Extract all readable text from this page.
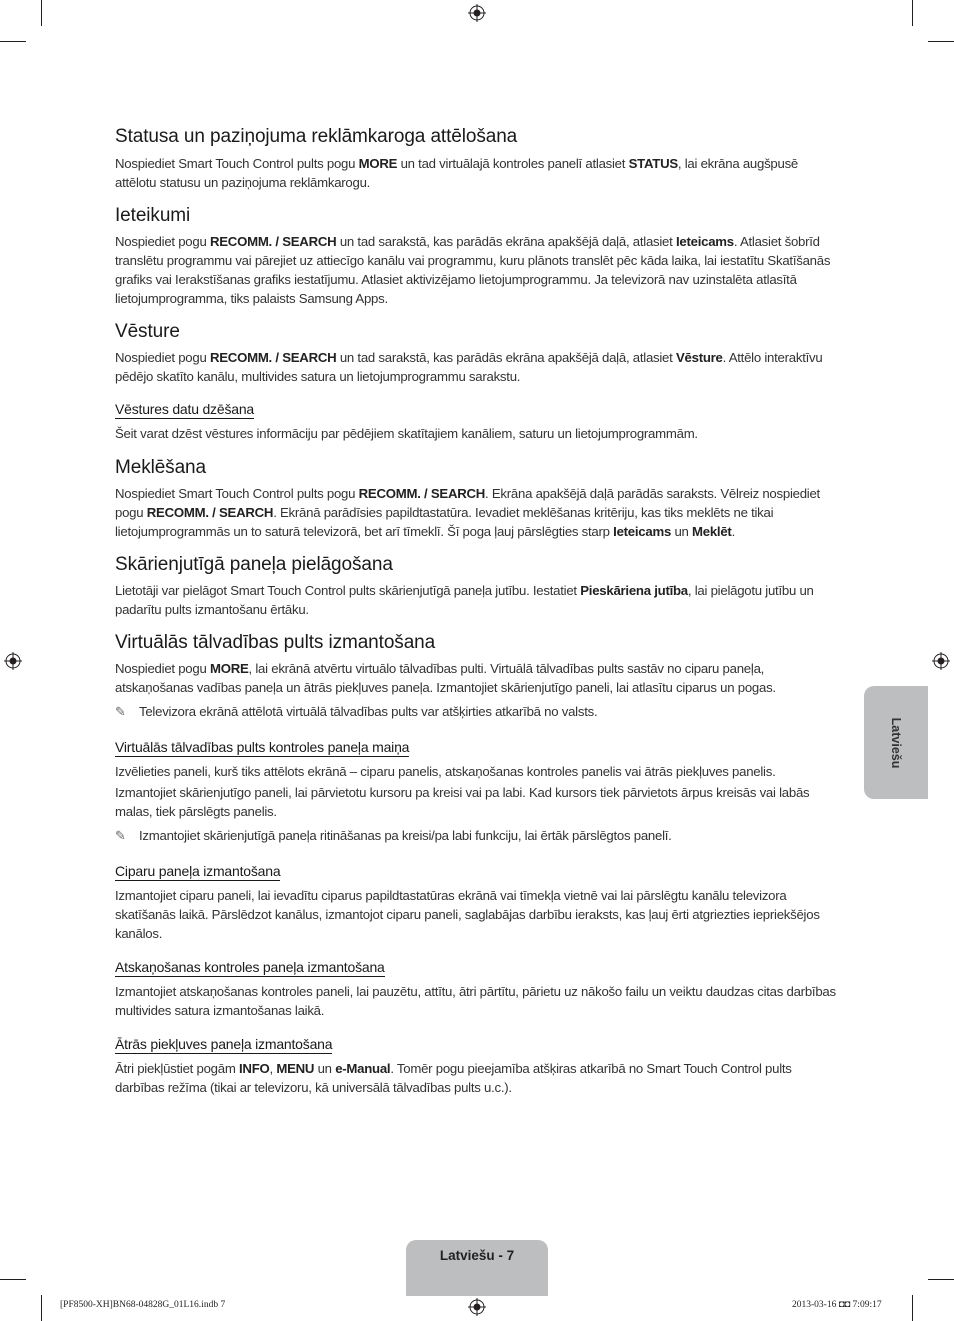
Statusa un paziņojuma reklāmkaroga attēlošana

Nospiediet Smart Touch Control pults pogu MORE un tad virtuālajā kontroles panelī atlasiet STATUS, lai ekrāna augšpusē attēlotu statusu un paziņojuma reklāmkarogu.

Ieteikumi

Nospiediet pogu RECOMM. / SEARCH un tad sarakstā, kas parādās ekrāna apakšējā daļā, atlasiet Ieteicams. Atlasiet šobrīd translētu programmu vai pārejiet uz attiecīgo kanālu vai programmu, kuru plānots translēt pēc kāda laika, lai iestatītu Skatīšanās grafiks vai Ierakstīšanas grafiks iestatījumu. Atlasiet aktivizējamo lietojumprogrammu. Ja televizorā nav uzinstalēta atlasītā lietojumprogramma, tiks palaists Samsung Apps.

Vēsture

Nospiediet pogu RECOMM. / SEARCH un tad sarakstā, kas parādās ekrāna apakšējā daļā, atlasiet Vēsture. Attēlo interaktīvu pēdējo skatīto kanālu, multivides satura un lietojumprogrammu sarakstu.

Vēstures datu dzēšana

Šeit varat dzēst vēstures informāciju par pēdējiem skatītajiem kanāliem, saturu un lietojumprogrammām.

Meklēšana

Nospiediet Smart Touch Control pults pogu RECOMM. / SEARCH. Ekrāna apakšējā daļā parādās saraksts. Vēlreiz nospiediet pogu RECOMM. / SEARCH. Ekrānā parādīsies papildtastatūra. Ievadiet meklēšanas kritēriju, kas tiks meklēts ne tikai lietojumprogrammās un to saturā televizorā, bet arī tīmeklī. Šī poga ļauj pārslēgties starp Ieteicams un Meklēt.

Skārienjutīgā paneļa pielāgošana

Lietotāji var pielāgot Smart Touch Control pults skārienjutīgā paneļa jutību. Iestatiet Pieskāriena jutība, lai pielāgotu jutību un padarītu pults izmantošanu ērtāku.

Virtuālās tālvadības pults izmantošana

Nospiediet pogu MORE, lai ekrānā atvērtu virtuālo tālvadības pulti. Virtuālā tālvadības pults sastāv no ciparu paneļa, atskaņošanas vadības paneļa un ātrās piekļuves paneļa. Izmantojiet skārienjutīgo paneli, lai atlasītu ciparus un pogas.

✎ Televizora ekrānā attēlotā virtuālā tālvadības pults var atšķirties atkarībā no valsts.

Virtuālās tālvadības pults kontroles paneļa maiņa

Izvēlieties paneli, kurš tiks attēlots ekrānā – ciparu panelis, atskaņošanas kontroles panelis vai ātrās piekļuves panelis.

Izmantojiet skārienjutīgo paneli, lai pārvietotu kursoru pa kreisi vai pa labi. Kad kursors tiek pārvietots ārpus kreisās vai labās malas, tiek pārslēgts panelis.

✎ Izmantojiet skārienjutīgā paneļa ritināšanas pa kreisi/pa labi funkciju, lai ērtāk pārslēgtos panelī.

Ciparu paneļa izmantošana

Izmantojiet ciparu paneli, lai ievadītu ciparus papildtastatūras ekrānā vai tīmekļa vietnē vai lai pārslēgtu kanālu televizora skatīšanās laikā. Pārslēdzot kanālus, izmantojot ciparu paneli, saglabājas darbību ieraksts, kas ļauj ērti atgriezties iepriekšējos kanālos.

Atskaņošanas kontroles paneļa izmantošana

Izmantojiet atskaņošanas kontroles paneli, lai pauzētu, attītu, ātri pārtītu, pārietu uz nākošo failu un veiktu daudzas citas darbības multivides satura izmantošanas laikā.

Ātrās piekļuves paneļa izmantošana

Ātri piekļūstiet pogām INFO, MENU un e-Manual. Tomēr pogu pieejamība atšķiras atkarībā no Smart Touch Control pults darbības režīma (tikai ar televizoru, kā universālā tālvadības pults u.c.).

Latviešu
Latviešu - 7
[PF8500-XH]BN68-04828G_01L16.indb 7	2013-03-16 ◘◘ 7:09:17
